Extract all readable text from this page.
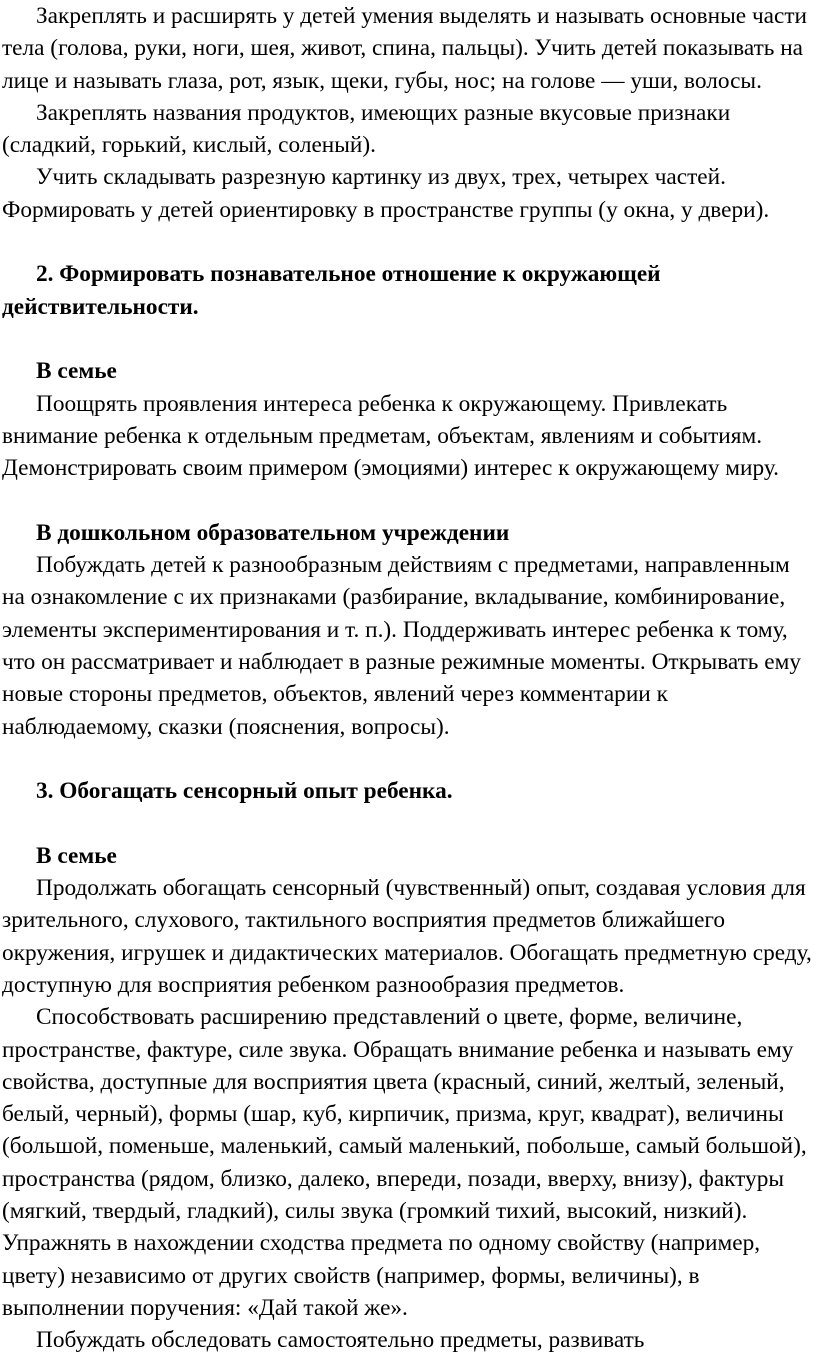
Закреплять и расширять у детей умения выделять и называть основные части тела (голова, руки, ноги, шея, живот, спина, пальцы). Учить детей показывать на лице и называть глаза, рот, язык, щеки, губы, нос; на голове — уши, волосы.

Закреплять названия продуктов, имеющих разные вкусовые признаки (сладкий, горький, кислый, соленый).

Учить складывать разрезную картинку из двух, трех, четырех частей. Формировать у детей ориентировку в пространстве группы (у окна, у двери).

2. Формировать познавательное отношение к окружающей действительности.

В семье

Поощрять проявления интереса ребенка к окружающему. Привлекать внимание ребенка к отдельным предметам, объектам, явлениям и событиям. Демонстрировать своим примером (эмоциями) интерес к окружающему миру.

В дошкольном образовательном учреждении

Побуждать детей к разнообразным действиям с предметами, направленным на ознакомление с их признаками (разбирание, вкладывание, комбинирование, элементы экспериментирования и т. п.). Поддерживать интерес ребенка к тому, что он рассматривает и наблюдает в разные режимные моменты. Открывать ему новые стороны предметов, объектов, явлений через комментарии к наблюдаемому, сказки (пояснения, вопросы).

3. Обогащать сенсорный опыт ребенка.

В семье

Продолжать обогащать сенсорный (чувственный) опыт, создавая условия для зрительного, слухового, тактильного восприятия предметов ближайшего окружения, игрушек и дидактических материалов. Обогащать предметную среду, доступную для восприятия ребенком разнообразия предметов.

Способствовать расширению представлений о цвете, форме, величине, пространстве, фактуре, силе звука. Обращать внимание ребенка и называть ему свойства, доступные для восприятия цвета (красный, синий, желтый, зеленый, белый, черный), формы (шар, куб, кирпичик, призма, круг, квадрат), величины (большой, поменьше, маленький, самый маленький, побольше, самый большой), пространства (рядом, близко, далеко, впереди, позади, вверху, внизу), фактуры (мягкий, твердый, гладкий), силы звука (громкий тихий, высокий, низкий). Упражнять в нахождении сходства предмета по одному свойству (например, цвету) независимо от других свойств (например, формы, величины), в выполнении поручения: «Дай такой же».

Побуждать обследовать самостоятельно предметы, развивать
